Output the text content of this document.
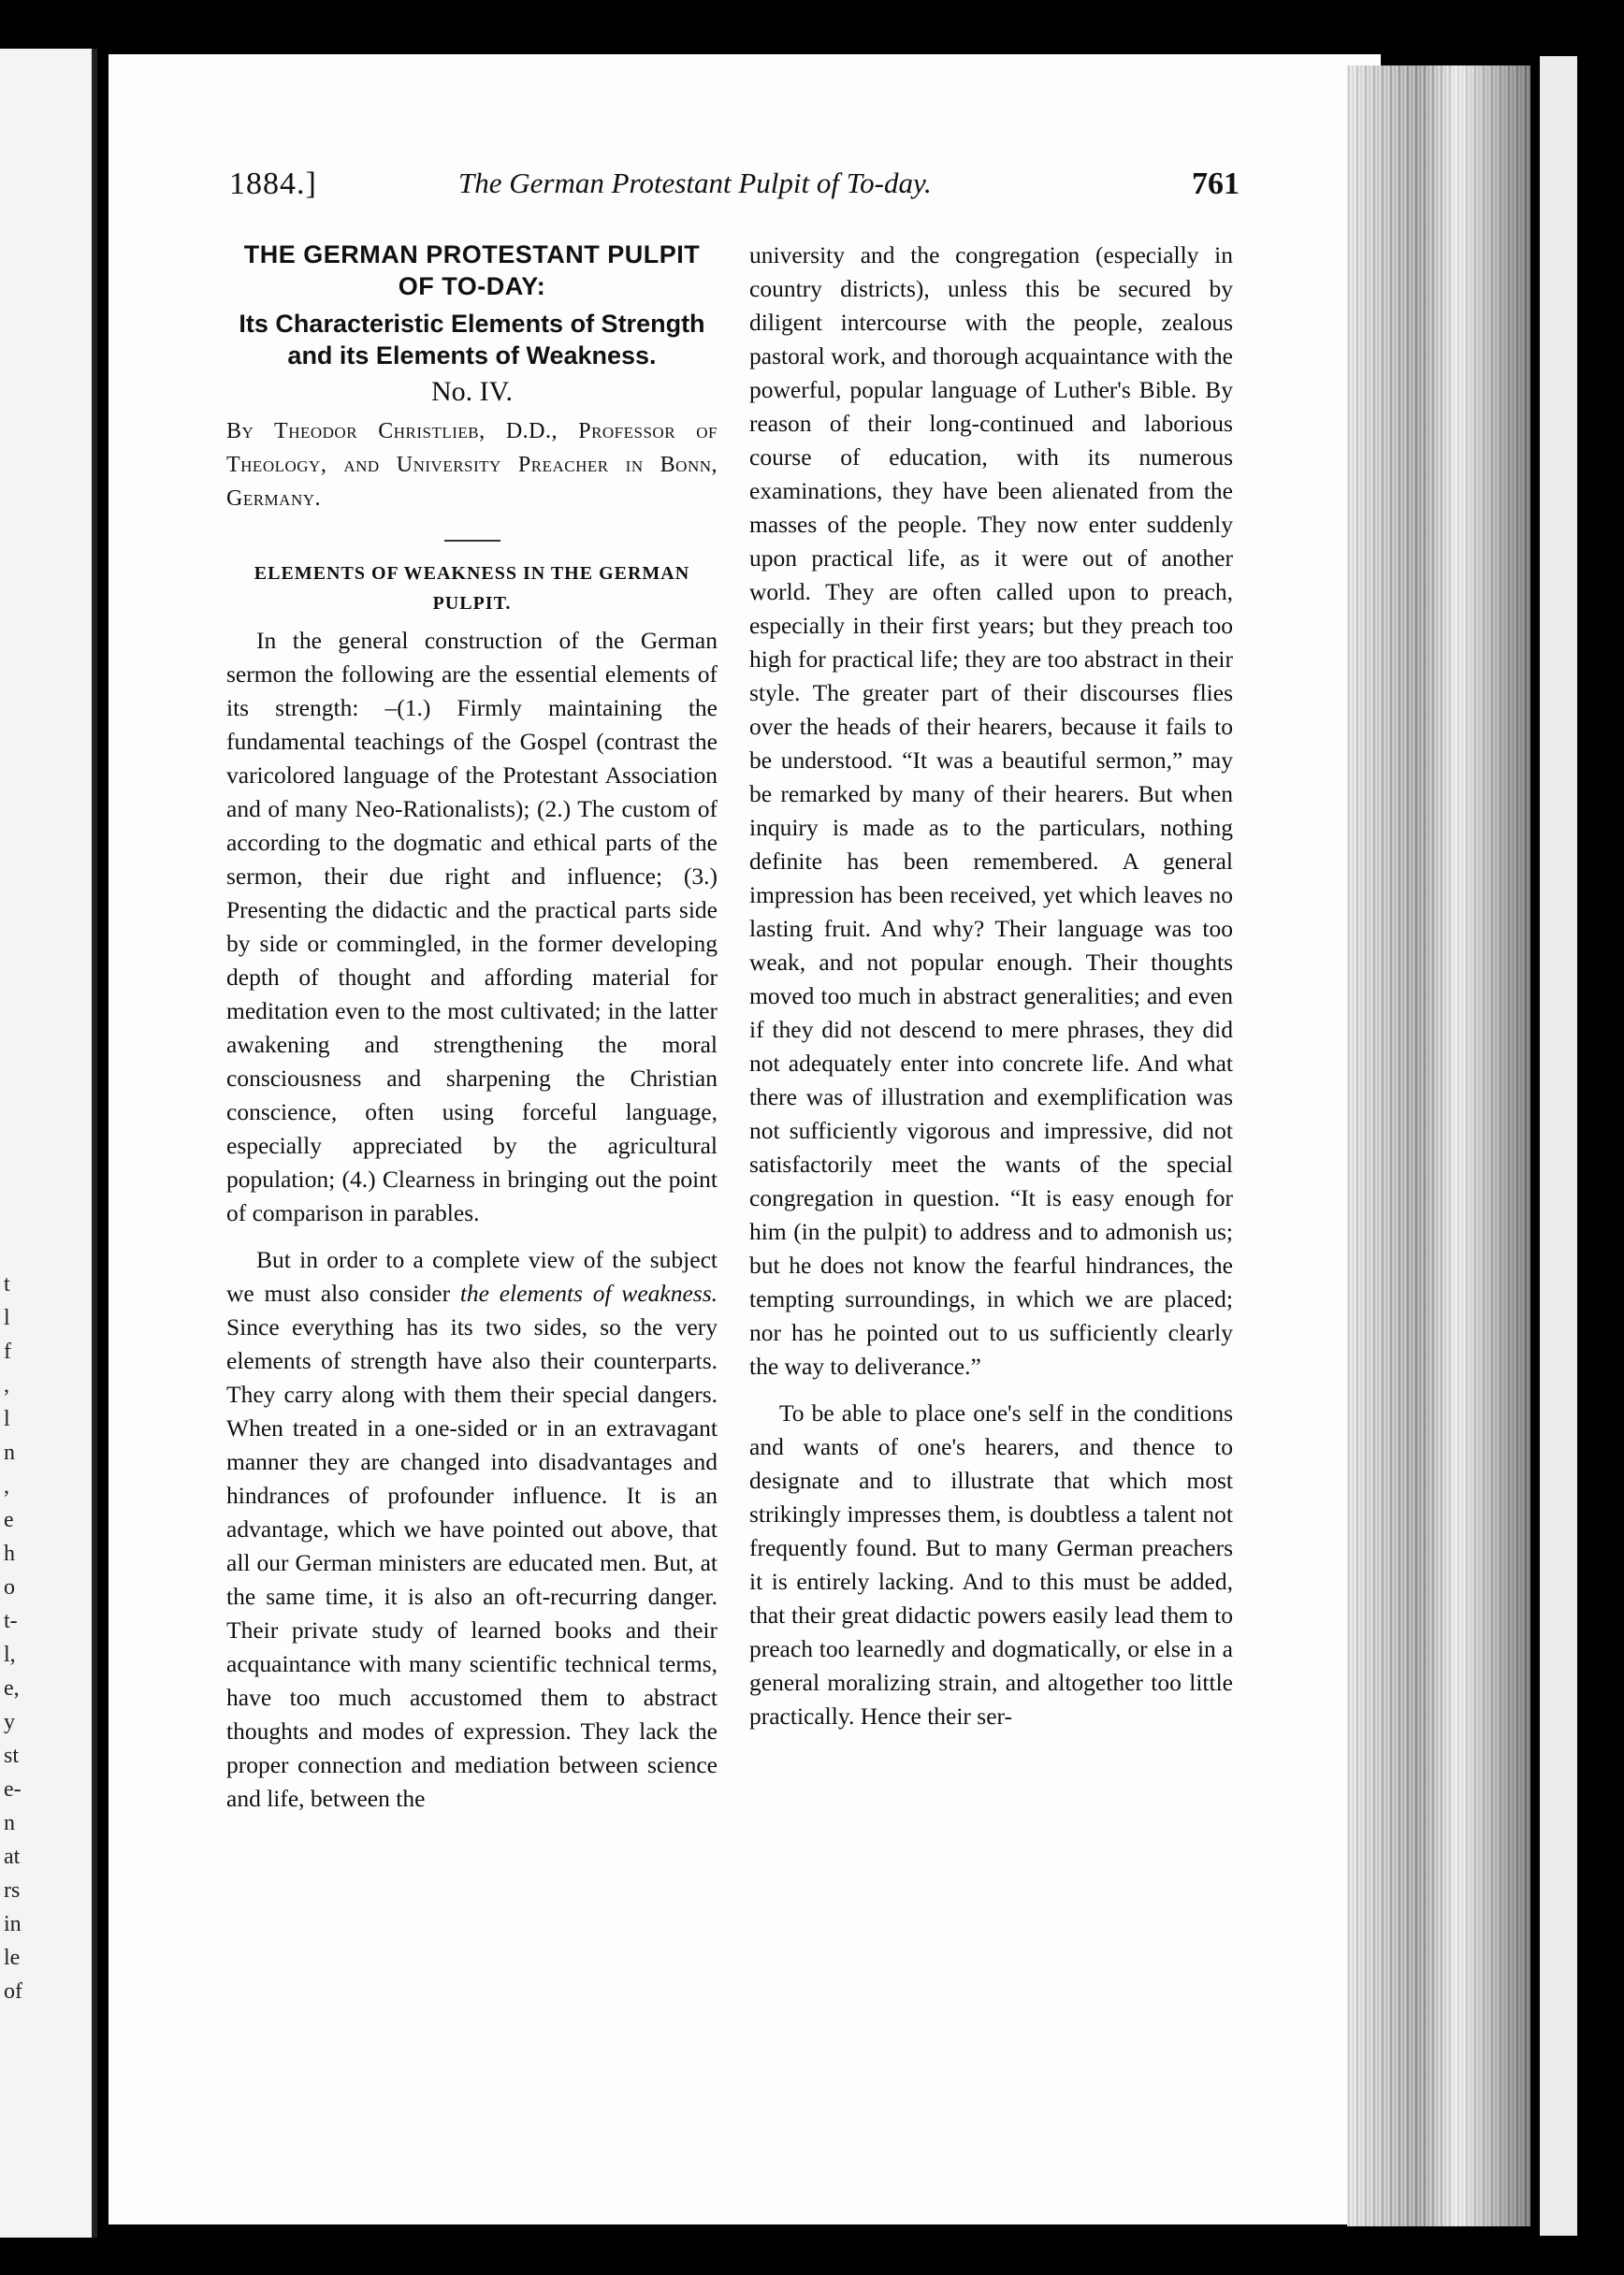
t
l
f
,
l
n
,
e
h
o
t-
l,
e,
y
st
e-
n
at
rs
in
le
of
1884.]	The German Protestant Pulpit of To-day.	761
THE GERMAN PROTESTANT PULPIT OF TO-DAY:
Its Characteristic Elements of Strength and its Elements of Weakness.
No. IV.
By Theodor Christlieb, D.D., Professor of Theology, and University Preacher in Bonn, Germany.
ELEMENTS OF WEAKNESS IN THE GERMAN PULPIT.

In the general construction of the German sermon the following are the essential elements of its strength: –(1.) Firmly maintaining the fundamental teachings of the Gospel (contrast the varicolored language of the Protestant Association and of many Neo-Rationalists); (2.) The custom of according to the dogmatic and ethical parts of the sermon, their due right and influence; (3.) Presenting the didactic and the practical parts side by side or commingled, in the former developing depth of thought and affording material for meditation even to the most cultivated; in the latter awakening and strengthening the moral consciousness and sharpening the Christian conscience, often using forceful language, especially appreciated by the agricultural population; (4.) Clearness in bringing out the point of comparison in parables.

But in order to a complete view of the subject we must also consider the elements of weakness. Since everything has its two sides, so the very elements of strength have also their counterparts. They carry along with them their special dangers. When treated in a one-sided or in an extravagant manner they are changed into disadvantages and hindrances of profounder influence. It is an advantage, which we have pointed out above, that all our German ministers are educated men. But, at the same time, it is also an oft-recurring danger. Their private study of learned books and their acquaintance with many scientific technical terms, have too much accustomed them to abstract thoughts and modes of expression. They lack the proper connection and mediation between science and life, between the

university and the congregation (especially in country districts), unless this be secured by diligent intercourse with the people, zealous pastoral work, and thorough acquaintance with the powerful, popular language of Luther's Bible. By reason of their long-continued and laborious course of education, with its numerous examinations, they have been alienated from the masses of the people. They now enter suddenly upon practical life, as it were out of another world. They are often called upon to preach, especially in their first years; but they preach too high for practical life; they are too abstract in their style. The greater part of their discourses flies over the heads of their hearers, because it fails to be understood. “It was a beautiful sermon,” may be remarked by many of their hearers. But when inquiry is made as to the particulars, nothing definite has been remembered. A general impression has been received, yet which leaves no lasting fruit. And why? Their language was too weak, and not popular enough. Their thoughts moved too much in abstract generalities; and even if they did not descend to mere phrases, they did not adequately enter into concrete life. And what there was of illustration and exemplification was not sufficiently vigorous and impressive, did not satisfactorily meet the wants of the special congregation in question. “It is easy enough for him (in the pulpit) to address and to admonish us; but he does not know the fearful hindrances, the tempting surroundings, in which we are placed; nor has he pointed out to us sufficiently clearly the way to deliverance.”

To be able to place one's self in the conditions and wants of one's hearers, and thence to designate and to illustrate that which most strikingly impresses them, is doubtless a talent not frequently found. But to many German preachers it is entirely lacking. And to this must be added, that their great didactic powers easily lead them to preach too learnedly and dogmatically, or else in a general moralizing strain, and altogether too little practically. Hence their ser-
